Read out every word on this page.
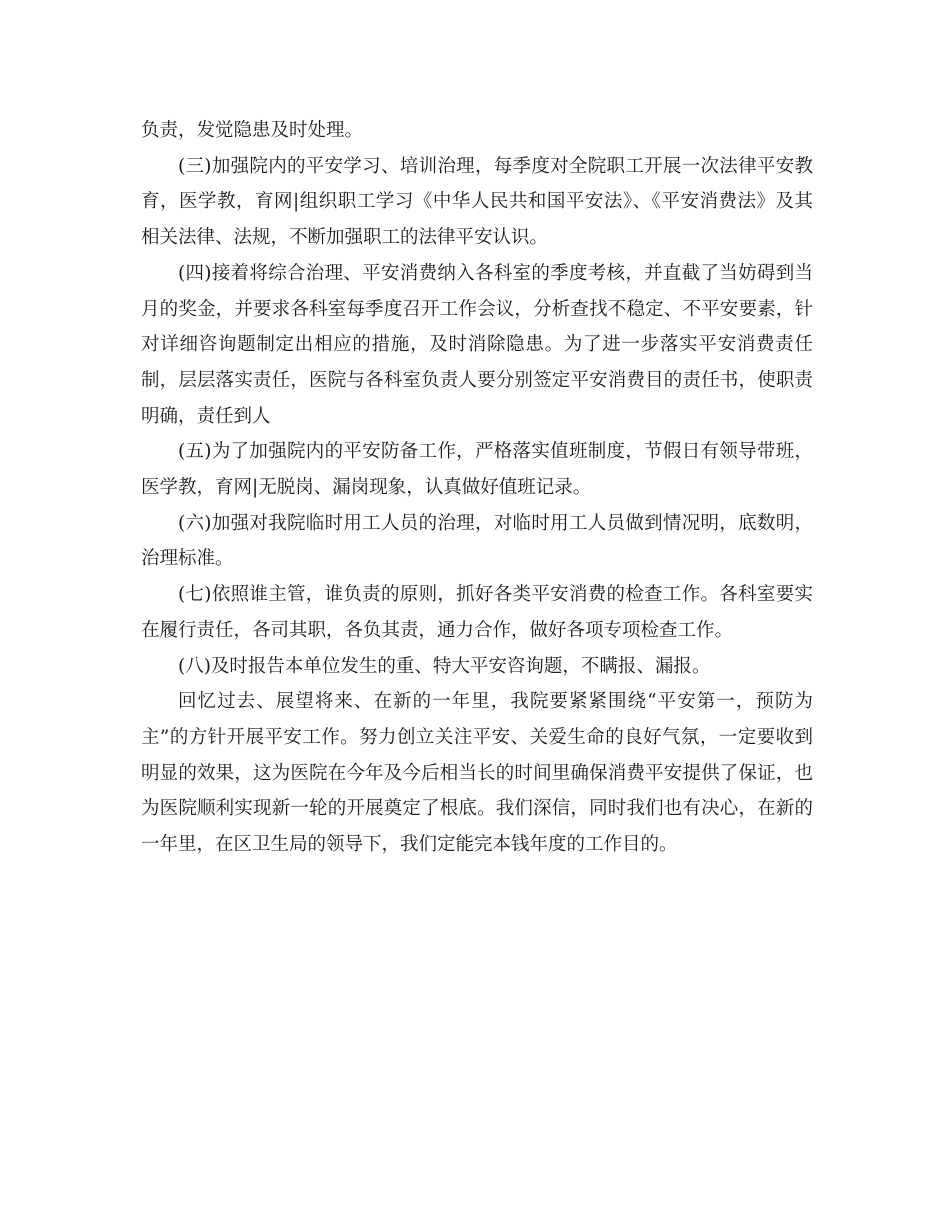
负责，发觉隐患及时处理。

(三)加强院内的平安学习、培训治理，每季度对全院职工开展一次法律平安教育，医学教，育网|组织职工学习《中华人民共和国平安法》、《平安消费法》及其相关法律、法规，不断加强职工的法律平安认识。

(四)接着将综合治理、平安消费纳入各科室的季度考核，并直截了当妨碍到当月的奖金，并要求各科室每季度召开工作会议，分析查找不稳定、不平安要素，针对详细咨询题制定出相应的措施，及时消除隐患。为了进一步落实平安消费责任制，层层落实责任，医院与各科室负责人要分别签定平安消费目的责任书，使职责明确，责任到人

(五)为了加强院内的平安防备工作，严格落实值班制度，节假日有领导带班，医学教，育网|无脱岗、漏岗现象，认真做好值班记录。

(六)加强对我院临时用工人员的治理，对临时用工人员做到情况明，底数明，治理标准。

(七)依照谁主管，谁负责的原则，抓好各类平安消费的检查工作。各科室要实在履行责任，各司其职，各负其责，通力合作，做好各项专项检查工作。

(八)及时报告本单位发生的重、特大平安咨询题，不瞒报、漏报。

回忆过去、展望将来、在新的一年里，我院要紧紧围绕“平安第一，预防为主”的方针开展平安工作。努力创立关注平安、关爱生命的良好气氛，一定要收到明显的效果，这为医院在今年及今后相当长的时间里确保消费平安提供了保证，也为医院顺利实现新一轮的开展奠定了根底。我们深信，同时我们也有决心，在新的一年里，在区卫生局的领导下，我们定能完本钱年度的工作目的。
